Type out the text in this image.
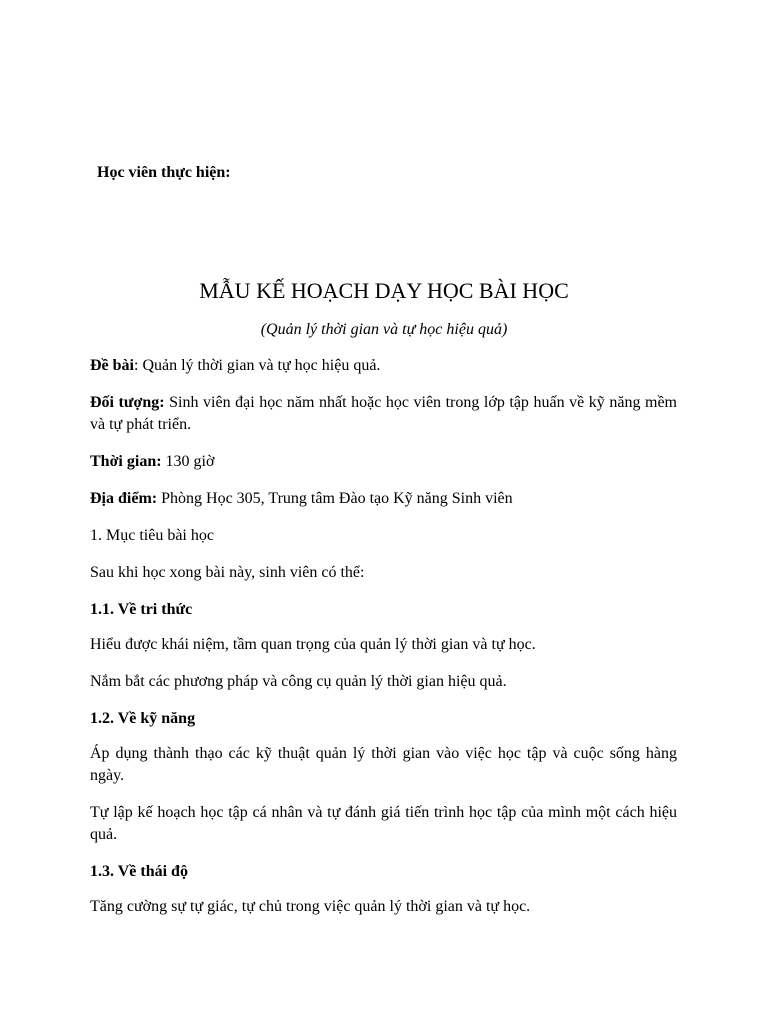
Học viên thực hiện:
MẪU KẾ HOẠCH DẠY HỌC BÀI HỌC

(Quản lý thời gian và tự học hiệu quả)

Đề bài: Quản lý thời gian và tự học hiệu quả.

Đối tượng: Sinh viên đại học năm nhất hoặc học viên trong lớp tập huấn về kỹ năng mềm và tự phát triển.

Thời gian: 130 giờ

Địa điểm: Phòng Học 305, Trung tâm Đào tạo Kỹ năng Sinh viên

1. Mục tiêu bài học

Sau khi học xong bài này, sinh viên có thể:

1.1. Về tri thức

Hiểu được khái niệm, tầm quan trọng của quản lý thời gian và tự học.

Nắm bắt các phương pháp và công cụ quản lý thời gian hiệu quả.

1.2. Về kỹ năng

Áp dụng thành thạo các kỹ thuật quản lý thời gian vào việc học tập và cuộc sống hàng ngày.

Tự lập kế hoạch học tập cá nhân và tự đánh giá tiến trình học tập của mình một cách hiệu quả.

1.3. Về thái độ

Tăng cường sự tự giác, tự chủ trong việc quản lý thời gian và tự học.
